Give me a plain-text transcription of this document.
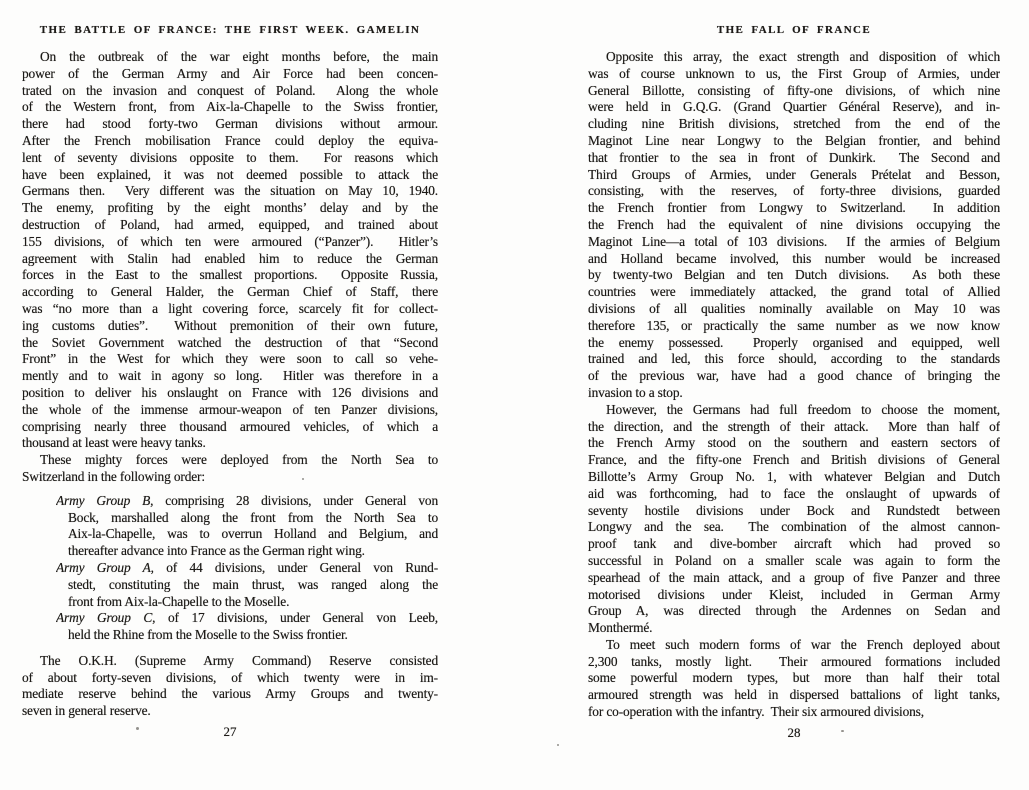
THE BATTLE OF FRANCE: THE FIRST WEEK. GAMELIN
On the outbreak of the war eight months before, the main
power of the German Army and Air Force had been concen-
trated on the invasion and conquest of Poland.  Along the whole
of the Western front, from Aix-la-Chapelle to the Swiss frontier,
there had stood forty-two German divisions without armour.
After the French mobilisation France could deploy the equiva-
lent of seventy divisions opposite to them.  For reasons which
have been explained, it was not deemed possible to attack the
Germans then.  Very different was the situation on May 10, 1940.
The enemy, profiting by the eight months’ delay and by the
destruction of Poland, had armed, equipped, and trained about
155 divisions, of which ten were armoured (“Panzer”).  Hitler’s
agreement with Stalin had enabled him to reduce the German
forces in the East to the smallest proportions.  Opposite Russia,
according to General Halder, the German Chief of Staff, there
was “no more than a light covering force, scarcely fit for collect-
ing customs duties”.  Without premonition of their own future,
the Soviet Government watched the destruction of that “Second
Front” in the West for which they were soon to call so vehe-
mently and to wait in agony so long.  Hitler was therefore in a
position to deliver his onslaught on France with 126 divisions and
the whole of the immense armour-weapon of ten Panzer divisions,
comprising nearly three thousand armoured vehicles, of which a
thousand at least were heavy tanks.
These mighty forces were deployed from the North Sea to
Switzerland in the following order:
Army Group B, comprising 28 divisions, under General von
Bock, marshalled along the front from the North Sea to
Aix-la-Chapelle, was to overrun Holland and Belgium, and
thereafter advance into France as the German right wing.
Army Group A, of 44 divisions, under General von Rund-
stedt, constituting the main thrust, was ranged along the
front from Aix-la-Chapelle to the Moselle.
Army Group C, of 17 divisions, under General von Leeb,
held the Rhine from the Moselle to the Swiss frontier.
The O.K.H. (Supreme Army Command) Reserve consisted
of about forty-seven divisions, of which twenty were in im-
mediate reserve behind the various Army Groups and twenty-
seven in general reserve.
27
THE FALL OF FRANCE
Opposite this array, the exact strength and disposition of which
was of course unknown to us, the First Group of Armies, under
General Billotte, consisting of fifty-one divisions, of which nine
were held in G.Q.G. (Grand Quartier Général Reserve), and in-
cluding nine British divisions, stretched from the end of the
Maginot Line near Longwy to the Belgian frontier, and behind
that frontier to the sea in front of Dunkirk.  The Second and
Third Groups of Armies, under Generals Prételat and Besson,
consisting, with the reserves, of forty-three divisions, guarded
the French frontier from Longwy to Switzerland.  In addition
the French had the equivalent of nine divisions occupying the
Maginot Line—a total of 103 divisions.  If the armies of Belgium
and Holland became involved, this number would be increased
by twenty-two Belgian and ten Dutch divisions.  As both these
countries were immediately attacked, the grand total of Allied
divisions of all qualities nominally available on May 10 was
therefore 135, or practically the same number as we now know
the enemy possessed.  Properly organised and equipped, well
trained and led, this force should, according to the standards
of the previous war, have had a good chance of bringing the
invasion to a stop.
However, the Germans had full freedom to choose the moment,
the direction, and the strength of their attack.  More than half of
the French Army stood on the southern and eastern sectors of
France, and the fifty-one French and British divisions of General
Billotte’s Army Group No. 1, with whatever Belgian and Dutch
aid was forthcoming, had to face the onslaught of upwards of
seventy hostile divisions under Bock and Rundstedt between
Longwy and the sea.  The combination of the almost cannon-
proof tank and dive-bomber aircraft which had proved so
successful in Poland on a smaller scale was again to form the
spearhead of the main attack, and a group of five Panzer and three
motorised divisions under Kleist, included in German Army
Group A, was directed through the Ardennes on Sedan and
Monthermé.
To meet such modern forms of war the French deployed about
2,300 tanks, mostly light.  Their armoured formations included
some powerful modern types, but more than half their total
armoured strength was held in dispersed battalions of light tanks,
for co-operation with the infantry.  Their six armoured divisions,
28
